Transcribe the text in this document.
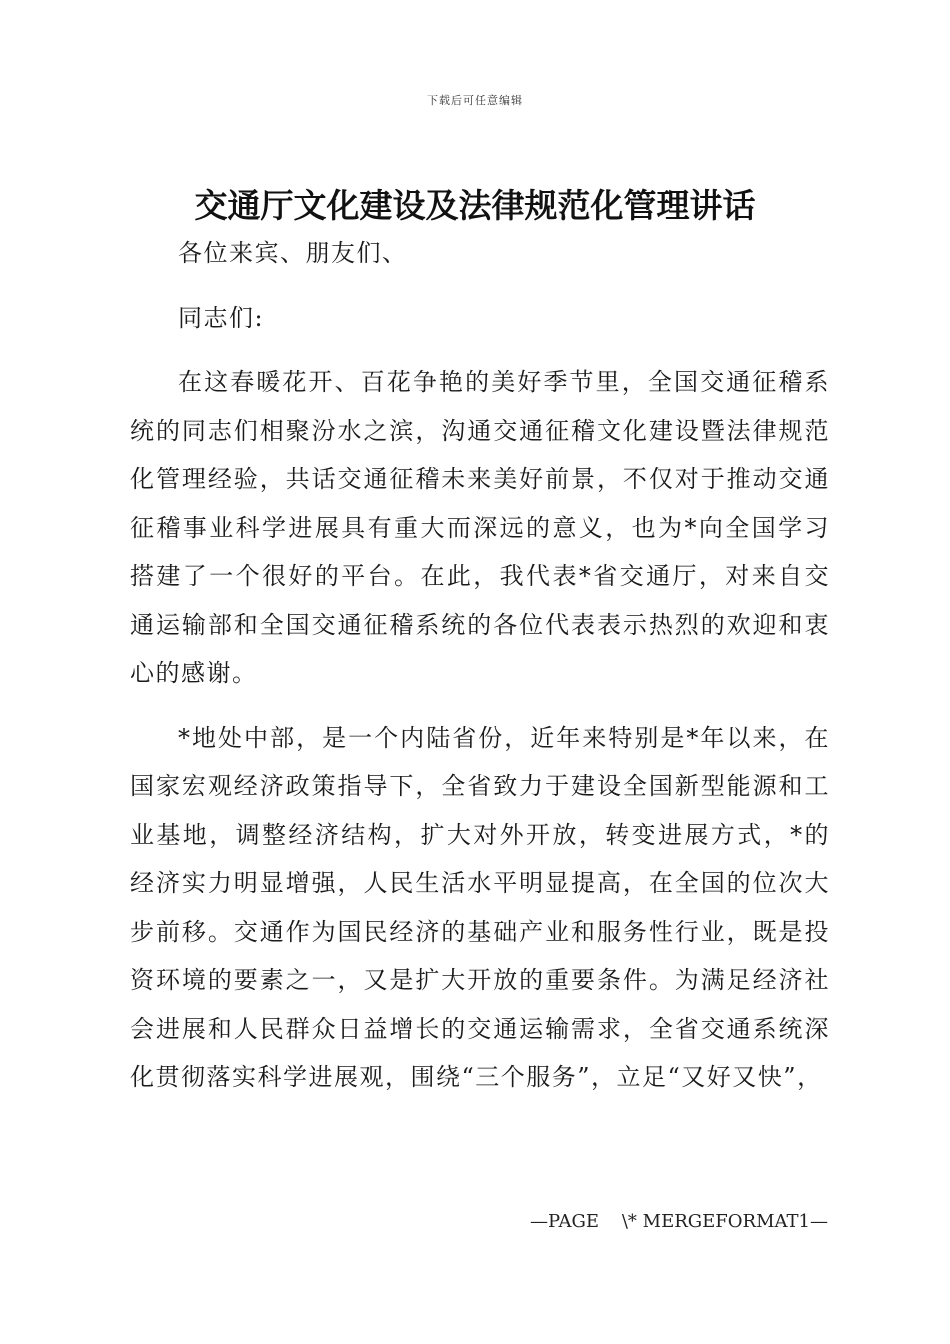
下载后可任意编辑
交通厅文化建设及法律规范化管理讲话

各位来宾、朋友们、

同志们:

在这春暖花开、百花争艳的美好季节里，全国交通征稽系统的同志们相聚汾水之滨，沟通交通征稽文化建设暨法律规范化管理经验，共话交通征稽未来美好前景，不仅对于推动交通征稽事业科学进展具有重大而深远的意义，也为*向全国学习搭建了一个很好的平台。在此，我代表*省交通厅，对来自交通运输部和全国交通征稽系统的各位代表表示热烈的欢迎和衷心的感谢。

*地处中部，是一个内陆省份，近年来特别是*年以来，在国家宏观经济政策指导下，全省致力于建设全国新型能源和工业基地，调整经济结构，扩大对外开放，转变进展方式，*的经济实力明显增强，人民生活水平明显提高，在全国的位次大步前移。交通作为国民经济的基础产业和服务性行业，既是投资环境的要素之一，又是扩大开放的重要条件。为满足经济社会进展和人民群众日益增长的交通运输需求，全省交通系统深化贯彻落实科学进展观，围绕“三个服务”，立足“又好又快”，

—PAGE    \* MERGEFORMAT1—
